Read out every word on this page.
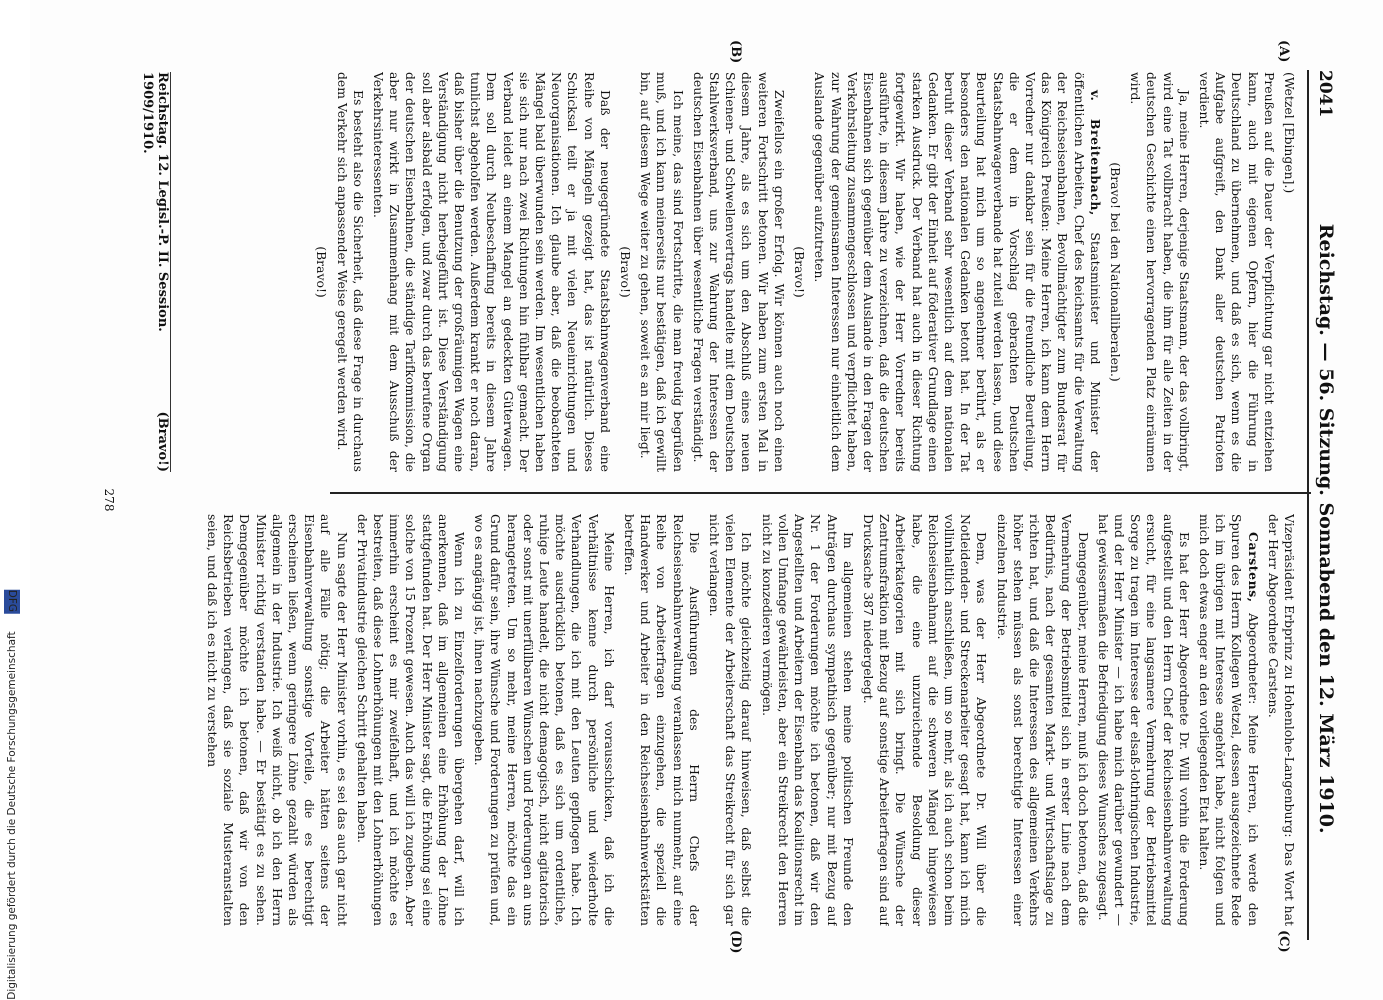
Digitalisierung gefördert durch die Deutsche Forschungsgemeinschaft DFG
2041
Reichstag. — 56. Sitzung. Sonnabend den 12. März 1910.
(A)
(B)
(C)
(D)

(Wetzel [Ebingen].)

Preußen auf die Dauer der Verpflichtung gar nicht entziehen kann, auch mit eigenen Opfern, hier die Führung in Deutschland zu übernehmen, und daß es sich, wenn es die Aufgabe aufgreift, den Dank aller deutschen Patrioten verdient.

Ja, meine Herren, derjenige Staatsmann, der das vollbringt, wird eine Tat vollbracht haben, die ihm für alle Zeiten in der deutschen Geschichte einen hervorragenden Platz einräumen wird.

(Bravo! bei den Nationalliberalen.)

v. Breitenbach, Staatsminister und Minister der öffentlichen Arbeiten, Chef des Reichsamts für die Verwaltung der Reichseisenbahnen, Bevollmächtigter zum Bundesrat für das Königreich Preußen: Meine Herren, ich kann dem Herrn Vorredner nur dankbar sein für die freundliche Beurteilung, die er dem in Vorschlag gebrachten Deutschen Staatsbahnwagenverbande hat zuteil werden lassen, und diese Beurteilung hat mich um so angenehmer berührt, als er besonders den nationalen Gedanken betont hat. In der Tat beruht dieser Verband sehr wesentlich auf dem nationalen Gedanken. Er gibt der Einheit auf föderativer Grundlage einen starken Ausdruck. Der Verband hat auch in dieser Richtung fortgewirkt. Wir haben, wie der Herr Vorredner bereits ausführte, in diesem Jahre zu verzeichnen, daß die deutschen Eisenbahnen sich gegenüber dem Auslande in den Fragen der Verkehrsleitung zusammengeschlossen und verpflichtet haben, zur Wahrung der gemeinsamen Interessen nur einheitlich dem Auslande gegenüber aufzutreten.

(Bravo!)

Zweifellos ein großer Erfolg. Wir können auch noch einen weiteren Fortschritt betonen. Wir haben zum ersten Mal in diesem Jahre, als es sich um den Abschluß eines neuen Schienen- und Schwellenvertrags handelte mit dem Deutschen Stahlwerksverband, uns zur Wahrung der Interessen der deutschen Eisenbahnen über wesentliche Fragen verständigt.

Ich meine, das sind Fortschritte, die man freudig begrüßen muß, und ich kann meinerseits nur bestätigen, daß ich gewillt bin, auf diesem Wege weiter zu gehen, soweit es an mir liegt.

(Bravo!)

Daß der neugegründete Staatsbahnwagenverband eine Reihe von Mängeln gezeigt hat, das ist natürlich. Dieses Schicksal teilt er ja mit vielen Neueinrichtungen und Neuorganisationen. Ich glaube aber, daß die beobachteten Mängel bald überwunden sein werden. Im wesentlichen haben sie sich nur nach zwei Richtungen hin fühlbar gemacht. Der Verband leidet an einem Mangel an gedeckten Güterwagen. Dem soll durch Neubeschaffung bereits in diesem Jahre tunlichst abgeholfen werden. Außerdem krankt er noch daran, daß bisher über die Benutzung der großräumigen Wagen eine Verständigung nicht herbeigeführt ist. Diese Verständigung soll aber alsbald erfolgen, und zwar durch das berufene Organ der deutschen Eisenbahnen, die ständige Tarifkommission, die aber nur wirkt in Zusammenhang mit dem Ausschuß der Verkehrsinteressenten.

Es besteht also die Sicherheit, daß diese Frage in durchaus dem Verkehr sich anpassender Weise geregelt werden wird.

(Bravo!)

Vizepräsident Erbprinz zu Hohenlohe-Langenburg: Das Wort hat der Herr Abgeordnete Carstens.

Carstens, Abgeordneter: Meine Herren, ich werde den Spuren des Herrn Kollegen Wetzel, dessen ausgezeichnete Rede ich im übrigen mit Interesse angehört habe, nicht folgen und mich doch etwas enger an den vorliegenden Etat halten.

Es hat der Herr Abgeordnete Dr. Will vorhin die Forderung aufgestellt und den Herrn Chef der Reichseisenbahnverwaltung ersucht, für eine langsamere Vermehrung der Betriebsmittel Sorge zu tragen im Interesse der elsaß-lothringischen Industrie, und der Herr Minister — ich habe mich darüber gewundert — hat gewissermaßen die Befriedigung dieses Wunsches zugesagt.

Demgegenüber, meine Herren, muß ich doch betonen, daß die Vermehrung der Betriebsmittel sich in erster Linie nach dem Bedürfnis, nach der gesamten Markt- und Wirtschaftslage zu richten hat, und daß die Interessen des allgemeinen Verkehrs höher stehen müssen als sonst berechtigte Interessen einer einzelnen Industrie.

Dem, was der Herr Abgeordnete Dr. Will über die Notleidenden- und Streckenarbeiter gesagt hat, kann ich mich vollinhaltlich anschließen, um so mehr, als ich auch schon beim Reichseisenbahnamt auf die schweren Mängel hingewiesen habe, die eine unzureichende Besoldung dieser Arbeiterkategorien mit sich bringt. Die Wünsche der Zentrumsfraktion mit Bezug auf sonstige Arbeiterfragen sind auf Drucksache 387 niedergelegt.

Im allgemeinen stehen meine politischen Freunde den Anträgen durchaus sympathisch gegenüber; nur mit Bezug auf Nr. 1 der Forderungen möchte ich betonen, daß wir den Angestellten und Arbeitern der Eisenbahn das Koalitionsrecht im vollen Umfange gewährleisten, aber ein Streikrecht den Herren nicht zu konzedieren vermögen.

Ich möchte gleichzeitig darauf hinweisen, daß selbst die vielen Elemente der Arbeiterschaft das Streikrecht für sich gar nicht verlangen.

Die Ausführungen des Herrn Chefs der Reichseisenbahnverwaltung veranlassen mich nunmehr, auf eine Reihe von Arbeiterfragen einzugehen, die speziell die Handwerker und Arbeiter in den Reichseisenbahnwerkstätten betreffen.

Meine Herren, ich darf vorausschicken, daß ich die Verhältnisse kenne durch persönliche und wiederholte Verhandlungen, die ich mit den Leuten gepflogen habe. Ich möchte ausdrücklich betonen, daß es sich um ordentliche, ruhige Leute handelt, die nicht demagogisch, nicht agitatorisch oder sonst mit unerfüllbaren Wünschen und Forderungen an uns herangetreten. Um so mehr, meine Herren, möchte das ein Grund dafür sein, ihre Wünsche und Forderungen zu prüfen und, wo es angängig ist, ihnen nachzugeben.

Wenn ich zu Einzelforderungen übergehen darf, will ich anerkennen, daß im allgemeinen eine Erhöhung der Löhne stattgefunden hat. Der Herr Minister sagt, die Erhöhung sei eine solche von 15 Prozent gewesen. Auch das will ich zugeben. Aber immerhin erscheint es mir zweifelhaft, und ich möchte es bestreiten, daß diese Lohnerhöhungen mit den Lohnerhöhungen der Privatindustrie gleichen Schritt gehalten haben.

Nun sagte der Herr Minister vorhin, es sei das auch gar nicht auf alle Fälle nötig; die Arbeiter hätten seitens der Eisenbahnverwaltung sonstige Vorteile, die es berechtigt erscheinen ließen, wenn geringere Löhne gezahlt würden als allgemein in der Industrie. Ich weiß nicht, ob ich den Herrn Minister richtig verstanden habe. — Er bestätigt es zu sehen. Demgegenüber möchte ich betonen, daß wir von den Reichsbetrieben verlangen, daß sie soziale Musteranstalten seien, und daß ich es nicht zu verstehen

Reichstag. 12. Legisl.-P. II. Session. 1909/1910.
(Bravo!)
278
